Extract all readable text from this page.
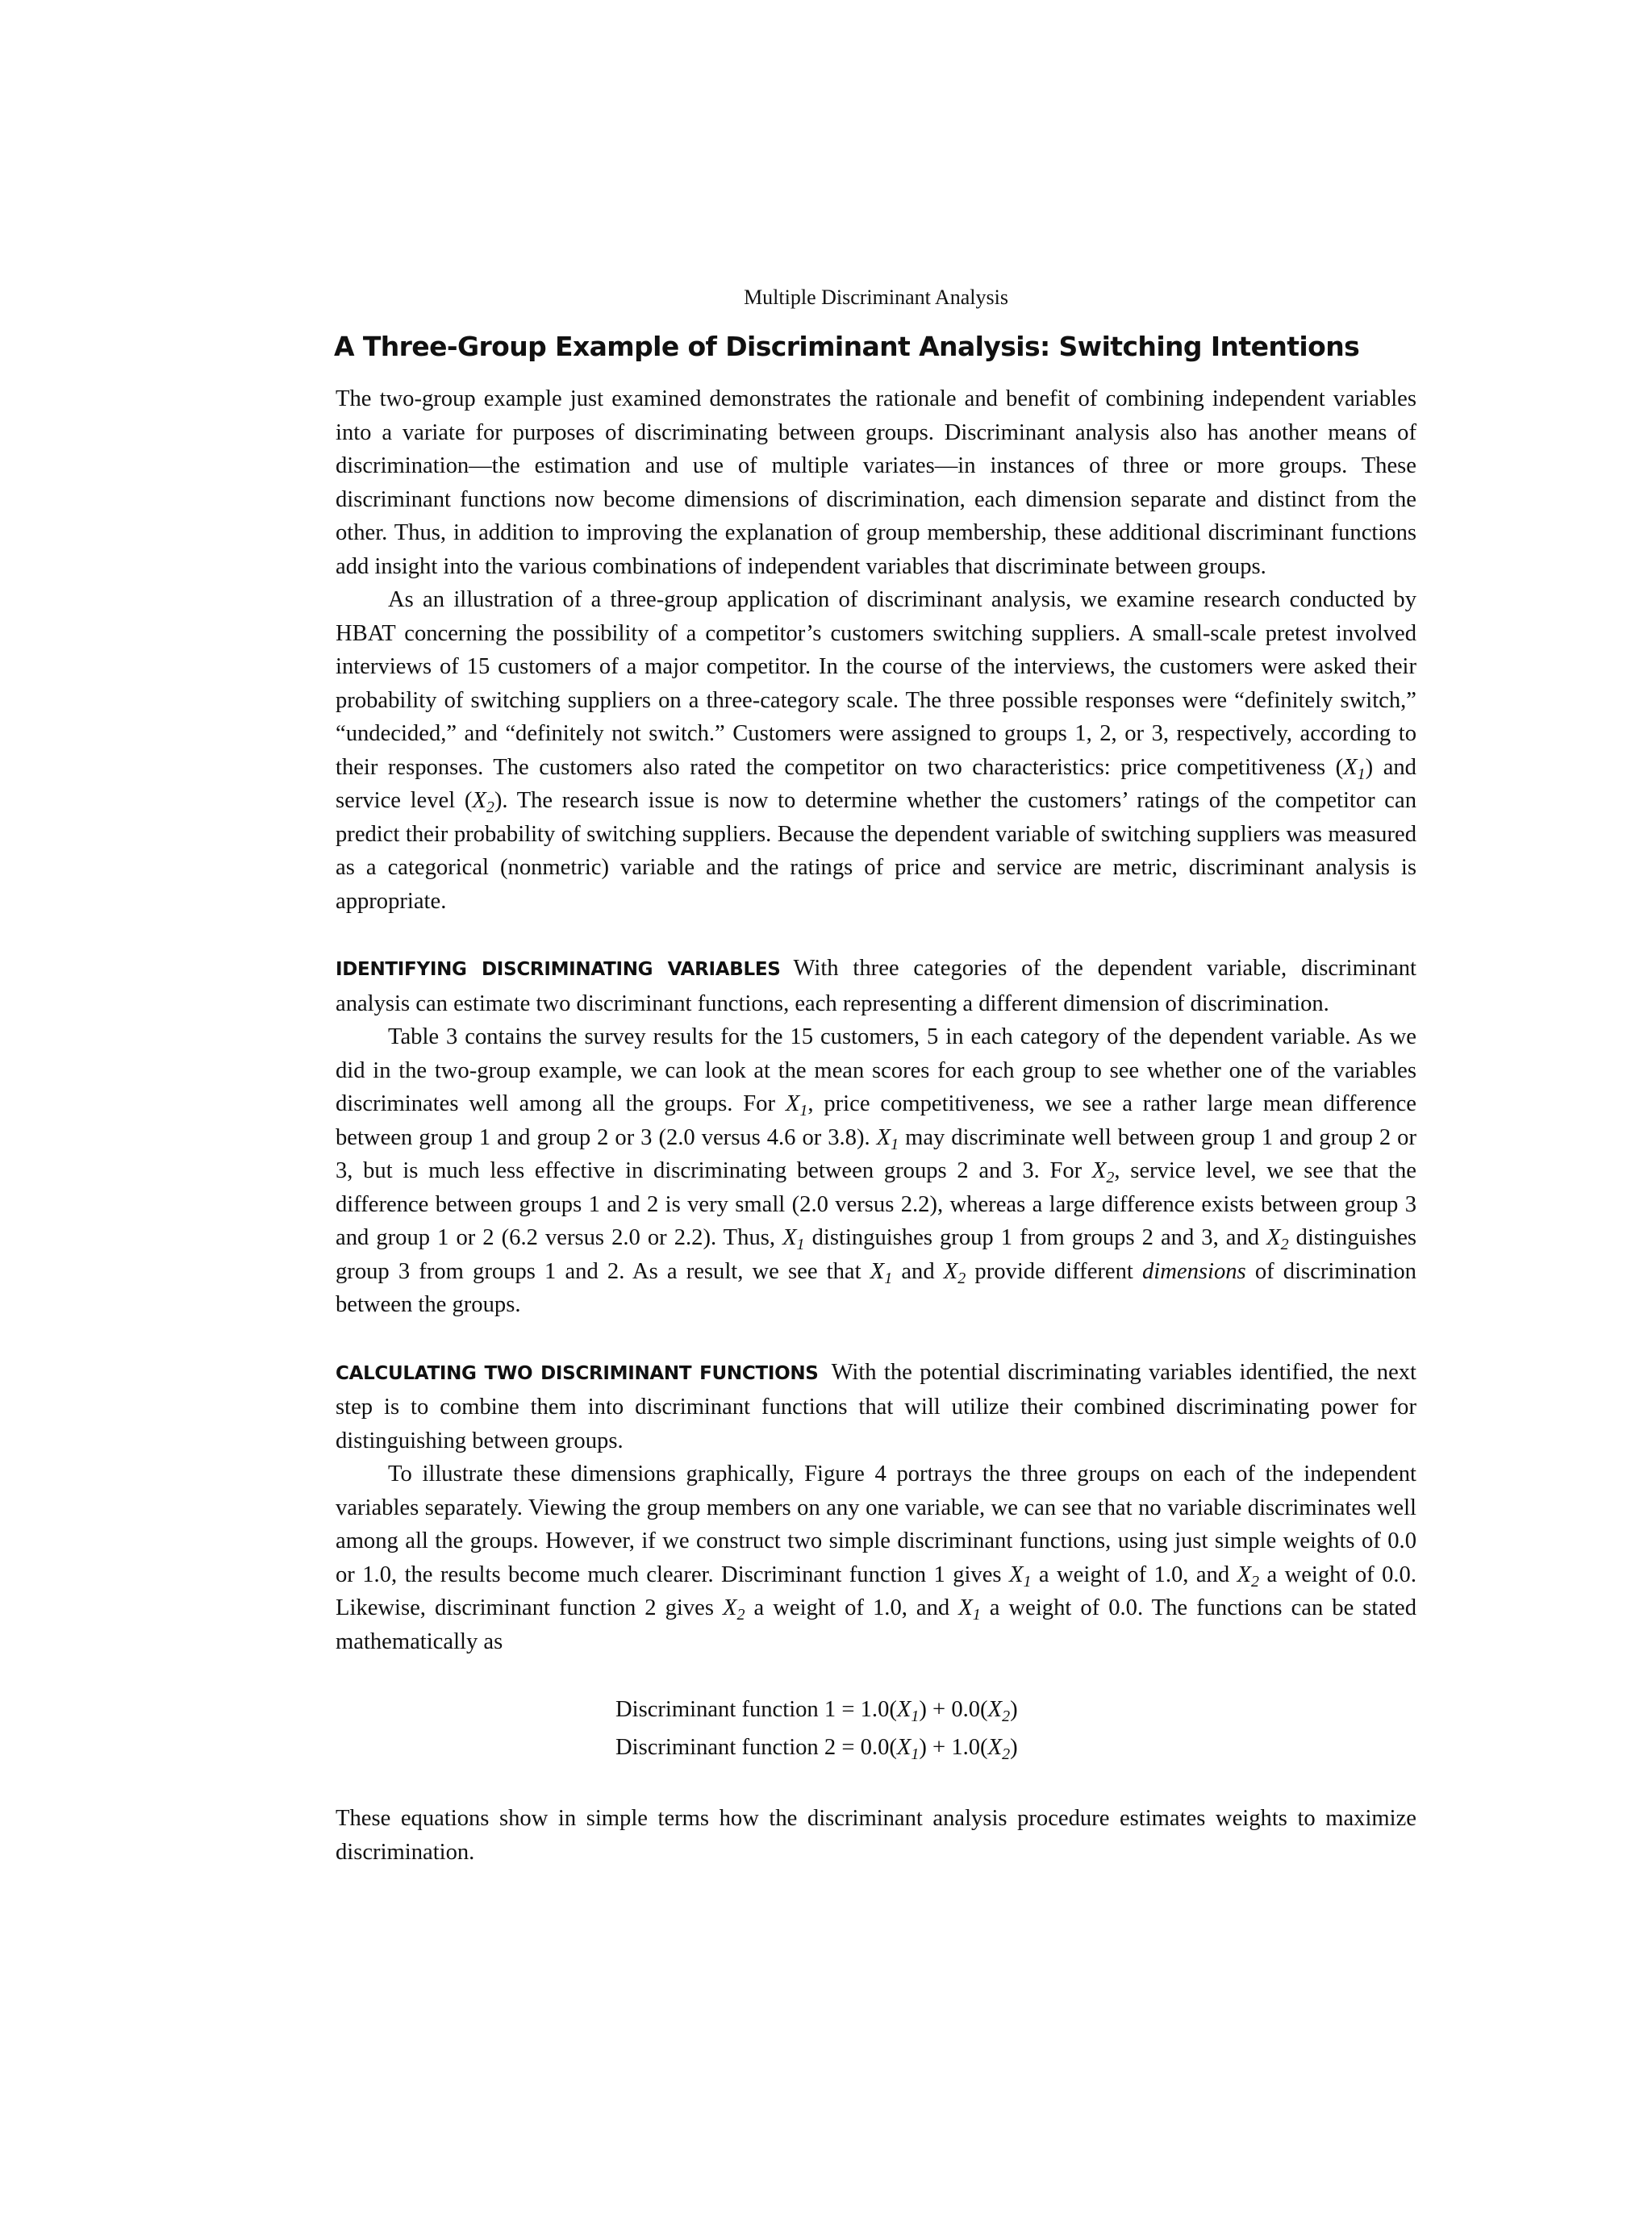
Multiple Discriminant Analysis
A Three-Group Example of Discriminant Analysis: Switching Intentions

The two-group example just examined demonstrates the rationale and benefit of combining independent variables into a variate for purposes of discriminating between groups. Discriminant analysis also has another means of discrimination—the estimation and use of multiple variates—in instances of three or more groups. These discriminant functions now become dimensions of discrimination, each dimension separate and distinct from the other. Thus, in addition to improving the explanation of group membership, these additional discriminant functions add insight into the various combinations of independent variables that discriminate between groups.

As an illustration of a three-group application of discriminant analysis, we examine research conducted by HBAT concerning the possibility of a competitor’s customers switching suppliers. A small-scale pretest involved interviews of 15 customers of a major competitor. In the course of the interviews, the customers were asked their probability of switching suppliers on a three-category scale. The three possible responses were “definitely switch,” “undecided,” and “definitely not switch.” Customers were assigned to groups 1, 2, or 3, respectively, according to their responses. The customers also rated the competitor on two characteristics: price competitiveness $(X_1)$ and service level $(X_2)$. The research issue is now to determine whether the customers’ ratings of the competitor can predict their probability of switching suppliers. Because the dependent variable of switching suppliers was measured as a categorical (nonmetric) variable and the ratings of price and service are metric, discriminant analysis is appropriate.

IDENTIFYING DISCRIMINATING VARIABLES With three categories of the dependent variable, discriminant analysis can estimate two discriminant functions, each representing a different dimension of discrimination.

Table 3 contains the survey results for the 15 customers, 5 in each category of the dependent variable. As we did in the two-group example, we can look at the mean scores for each group to see whether one of the variables discriminates well among all the groups. For $X_1$, price competitiveness, we see a rather large mean difference between group 1 and group 2 or 3 (2.0 versus 4.6 or 3.8). $X_1$ may discriminate well between group 1 and group 2 or 3, but is much less effective in discriminating between groups 2 and 3. For $X_2$, service level, we see that the difference between groups 1 and 2 is very small (2.0 versus 2.2), whereas a large difference exists between group 3 and group 1 or 2 (6.2 versus 2.0 or 2.2). Thus, $X_1$ distinguishes group 1 from groups 2 and 3, and $X_2$ distinguishes group 3 from groups 1 and 2. As a result, we see that $X_1$ and $X_2$ provide different dimensions of discrimination between the groups.

CALCULATING TWO DISCRIMINANT FUNCTIONS With the potential discriminating variables identified, the next step is to combine them into discriminant functions that will utilize their combined discriminating power for distinguishing between groups.

To illustrate these dimensions graphically, Figure 4 portrays the three groups on each of the independent variables separately. Viewing the group members on any one variable, we can see that no variable discriminates well among all the groups. However, if we construct two simple discriminant functions, using just simple weights of 0.0 or 1.0, the results become much clearer. Discriminant function 1 gives $X_1$ a weight of 1.0, and $X_2$ a weight of 0.0. Likewise, discriminant function 2 gives $X_2$ a weight of 1.0, and $X_1$ a weight of 0.0. The functions can be stated mathematically as

Discriminant function $1 = 1.0(X_1) + 0.0(X_2)$
Discriminant function $2 = 0.0(X_1) + 1.0(X_2)$

These equations show in simple terms how the discriminant analysis procedure estimates weights to maximize discrimination.
